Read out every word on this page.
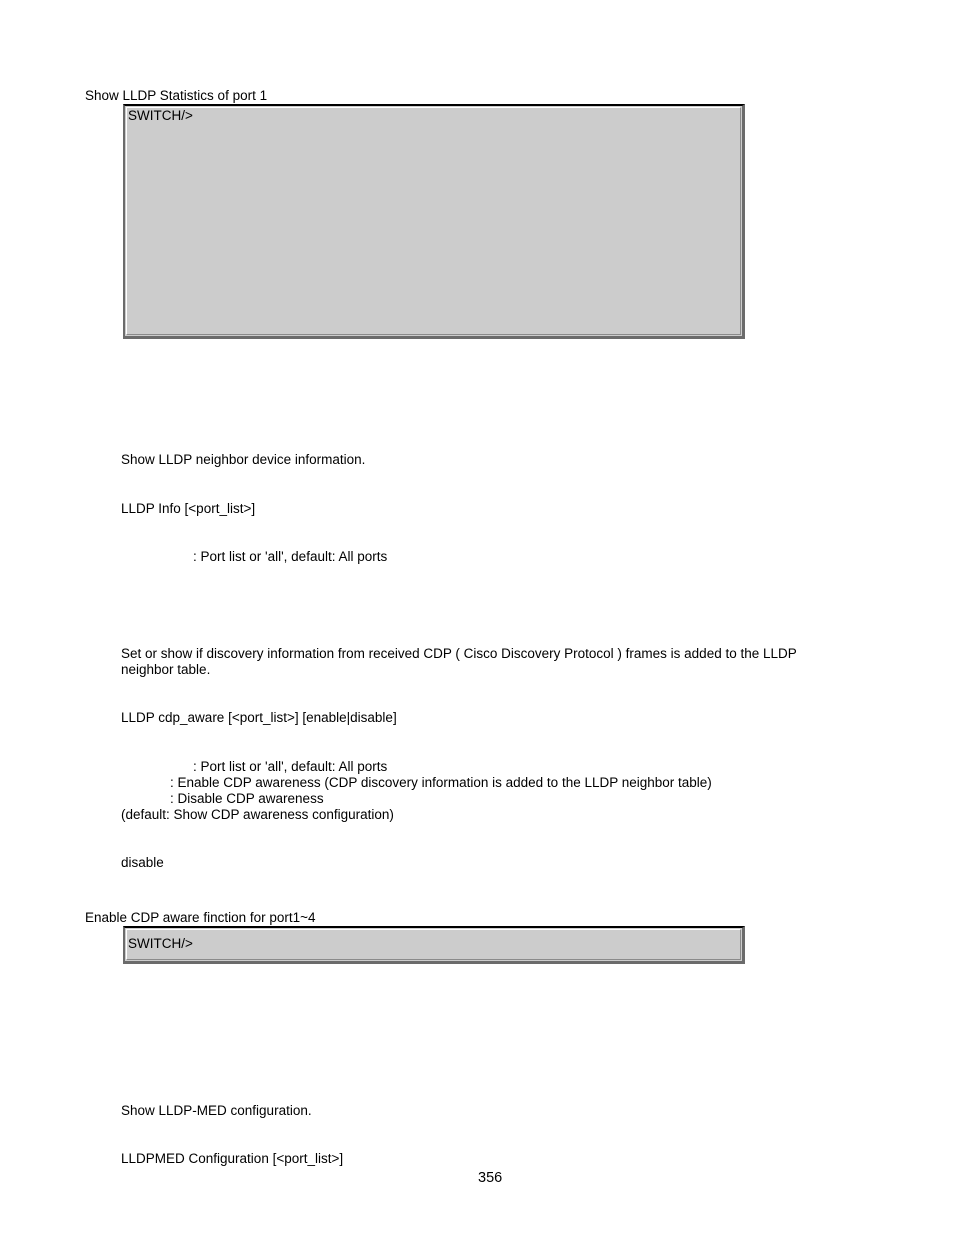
Show LLDP Statistics of port 1
SWITCH/>
Show LLDP neighbor device information.
LLDP Info [<port_list>]
: Port list or 'all', default: All ports
Set or show if discovery information from received CDP ( Cisco Discovery Protocol ) frames is added to the LLDP
neighbor table.
LLDP cdp_aware [<port_list>] [enable|disable]
: Port list or 'all', default: All ports
: Enable CDP awareness (CDP discovery information is added to the LLDP neighbor table)
: Disable CDP awareness
(default: Show CDP awareness configuration)
disable
Enable CDP aware finction for port1~4
SWITCH/>
Show LLDP-MED configuration.
LLDPMED Configuration [<port_list>]
356
